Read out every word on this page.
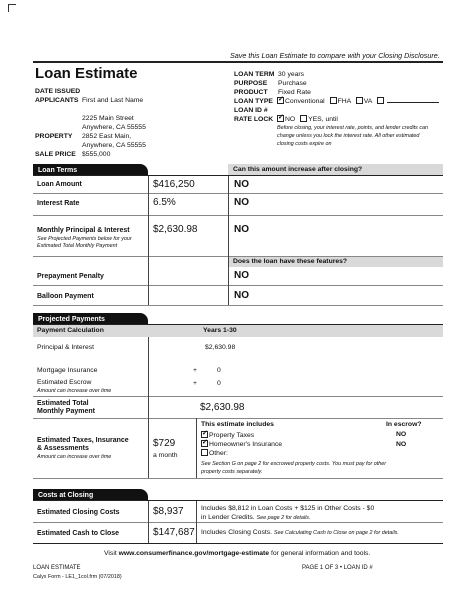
Save this Loan Estimate to compare with your Closing Disclosure.
Loan Estimate
DATE ISSUED
APPLICANTS First and Last Name
2225 Main Street
Anywhere, CA 55555
PROPERTY 2852 East Main,
Anywhere, CA 55555
SALE PRICE $555,000
LOAN TERM 30 years
PURPOSE Purchase
PRODUCT Fixed Rate
LOAN TYPE ✓	Conventional FHA VA
LOAN ID #
RATE LOCK ✓	NO YES, until
Before closing, your interest rate, points, and lender credits can
change unless you lock the interest rate. All other estimated
closing costs expire on
Loan Terms	Can this amount increase after closing?
Loan Amount	$416,250	NO
Interest Rate	6.5%	NO
Monthly Principal & Interest
See Projected Payments below for your
Estimated Total Monthly Payment
$2,630.98	NO
Does the loan have these features?
Prepayment Penalty	NO
Balloon Payment	NO
Projected Payments
Payment Calculation	Years 1-30
Principal & Interest	$2,630.98
Mortgage Insurance	+	0
Estimated Escrow
Amount can increase over time
+	0
Estimated Total
Monthly Payment	$2,630.98
Estimated Taxes, Insurance
& Assessments
Amount can increase over time
$729
a month
This estimate includes	In escrow?
✓Property Taxes	NO
✓Homeowner's Insurance	NO
Other:
See Section G on page 2 for escrowed property costs. You must pay for other
property costs separately.
Costs at Closing
Estimated Closing Costs	$8,937	Includes $8,812 in Loan Costs + $125 in Other Costs - $0
in Lender Credits. See page 2 for details.
Estimated Cash to Close	$147,687 Includes Closing Costs. See Calculating Cash to Close on page 2 for details.
Visit www.consumerfinance.gov/mortgage-estimate for general information and tools.
LOAN ESTIMATE	PAGE 1 OF 3 • LOAN ID #
Calyx Form - LE1_1col.frm (07/2018)
